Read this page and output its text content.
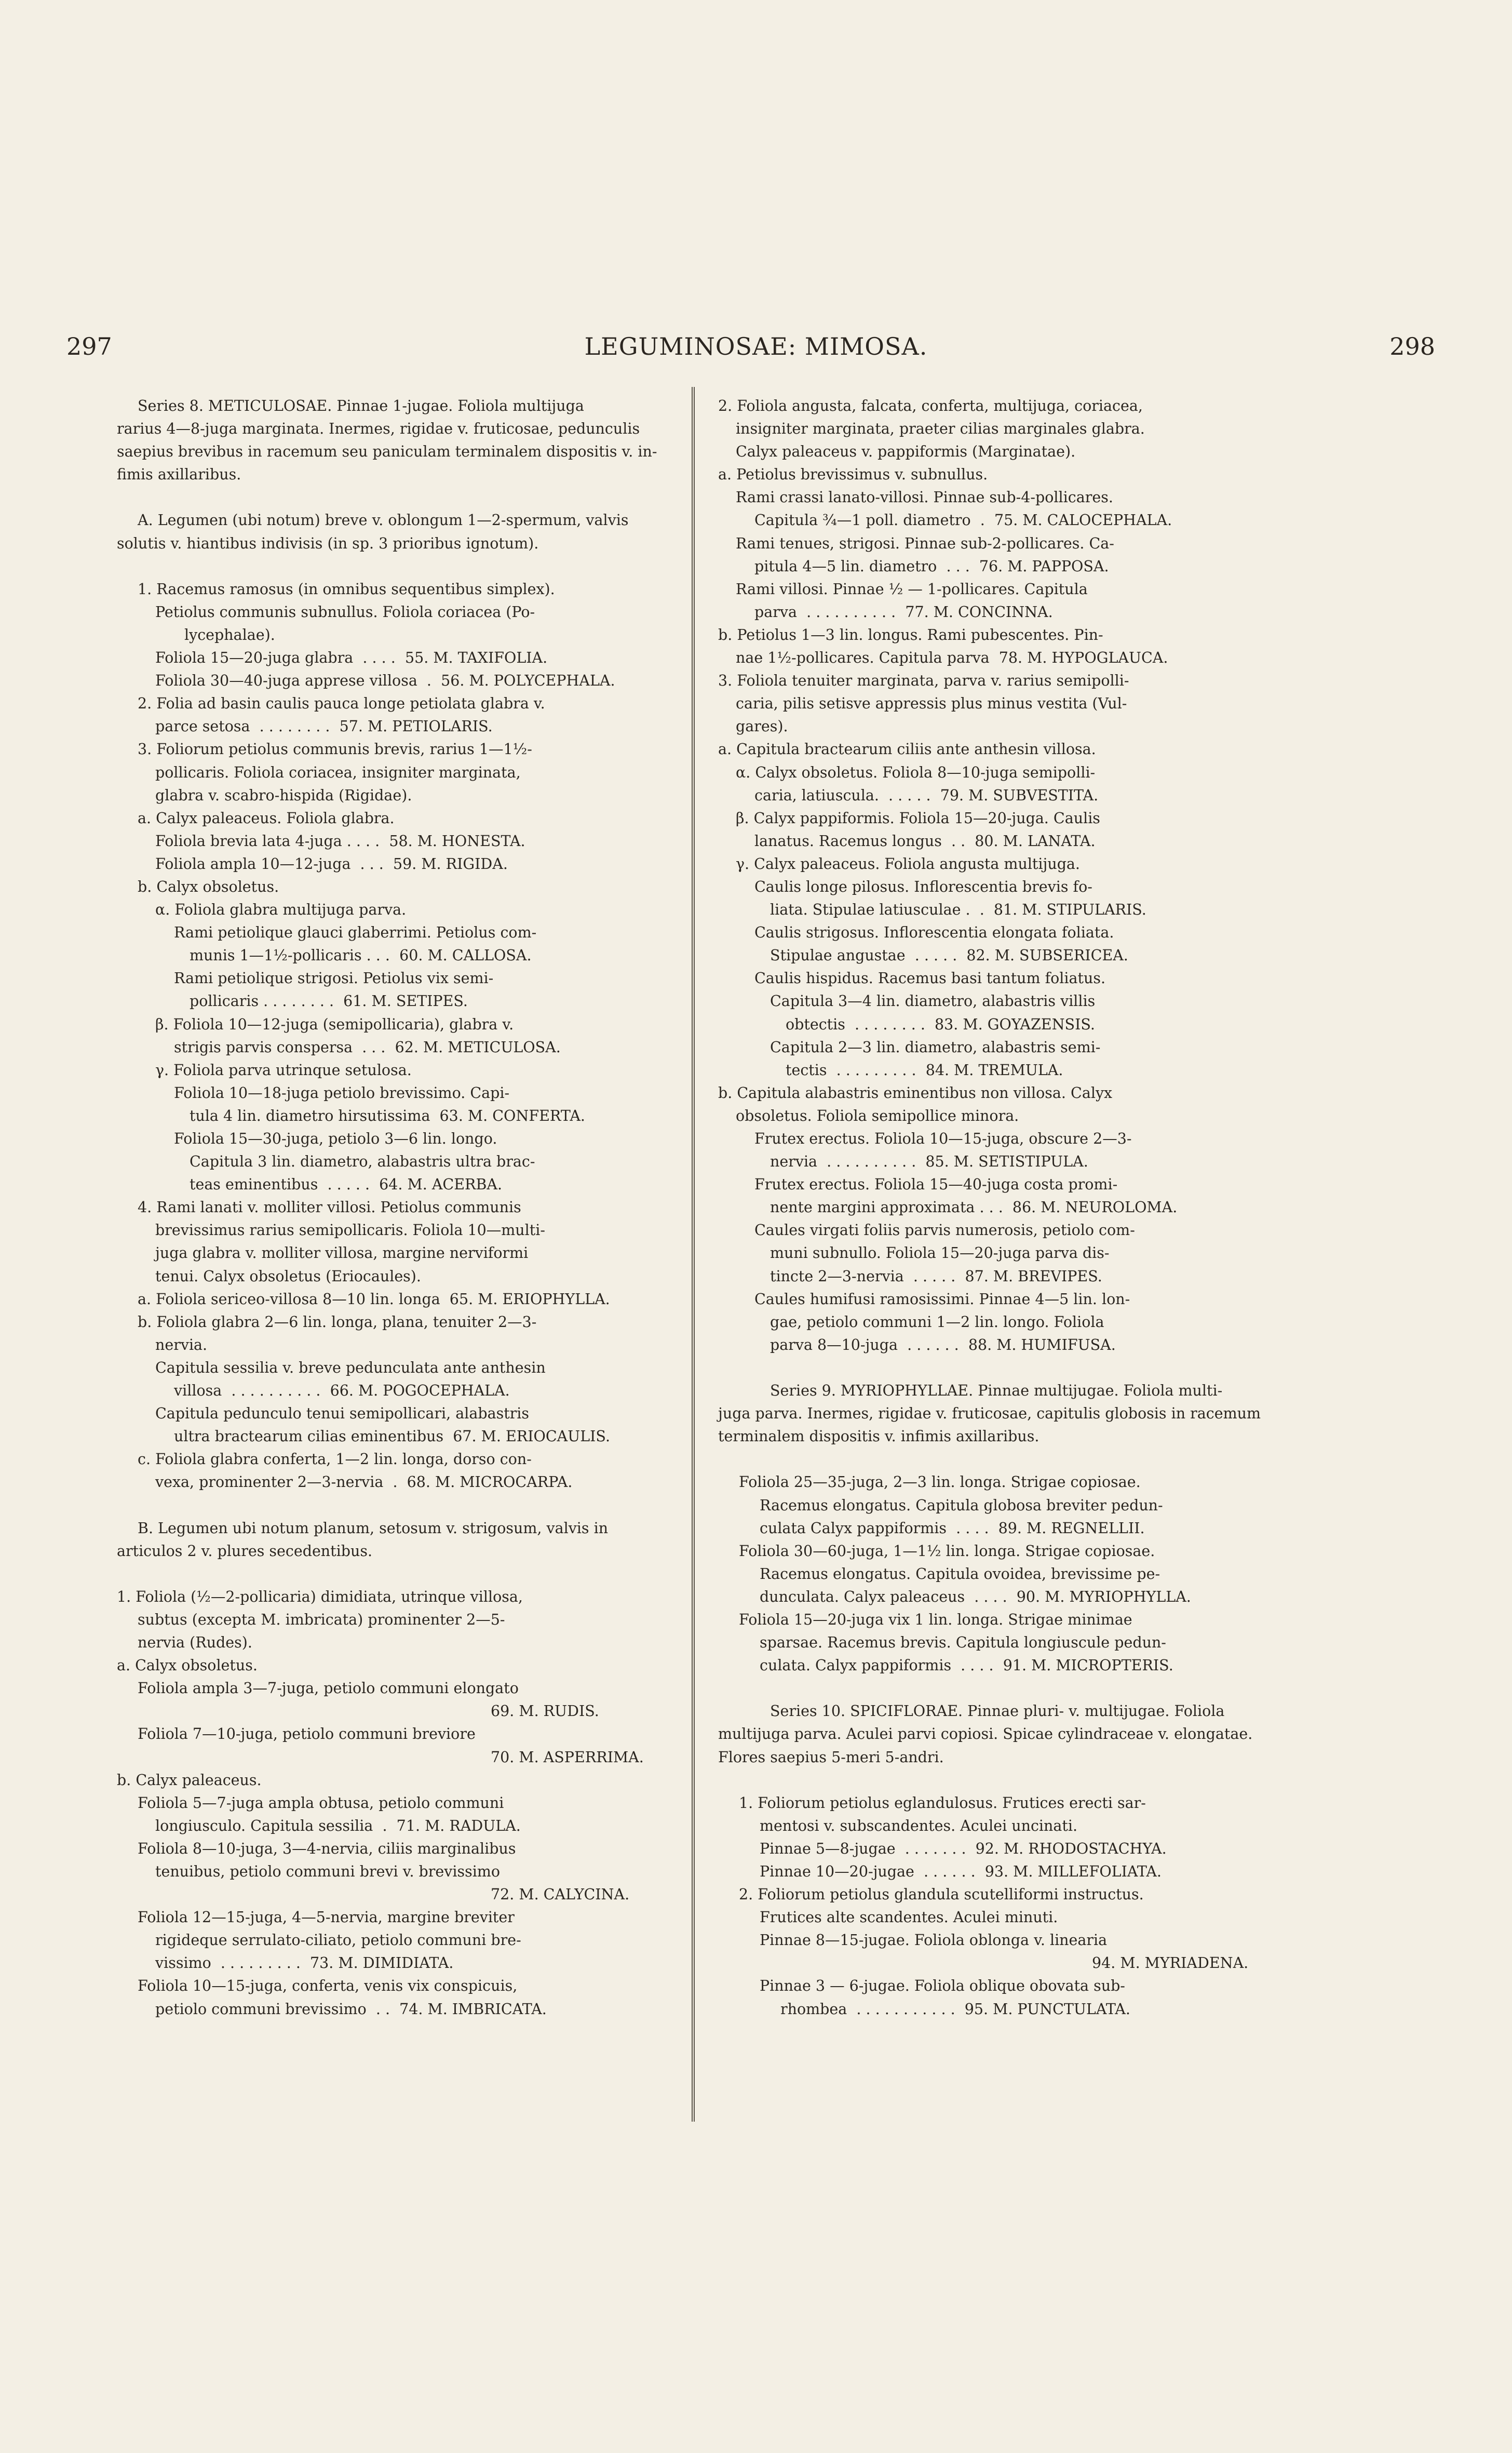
297	LEGUMINOSAE: MIMOSA.	298
Series 8. METICULOSAE. Pinnae 1-jugae. Foliola multijuga
rarius 4—8-juga marginata. Inermes, rigidae v. fruticosae, pedunculis
saepius brevibus in racemum seu paniculam terminalem dispositis v. in-
fimis axillaribus.
A. Legumen (ubi notum) breve v. oblongum 1—2-spermum, valvis
solutis v. hiantibus indivisis (in sp. 3 prioribus ignotum).
1. Racemus ramosus (in omnibus sequentibus simplex).
Petiolus communis subnullus. Foliola coriacea (Po-
lycephalae).
Foliola 15—20-juga glabra  . . . .  55. M. TAXIFOLIA.
Foliola 30—40-juga apprese villosa  .  56. M. POLYCEPHALA.
2. Folia ad basin caulis pauca longe petiolata glabra v.
parce setosa  . . . . . . . .  57. M. PETIOLARIS.
3. Foliorum petiolus communis brevis, rarius 1—1½-
pollicaris. Foliola coriacea, insigniter marginata,
glabra v. scabro-hispida (Rigidae).
a. Calyx paleaceus. Foliola glabra.
Foliola brevia lata 4-juga . . . .  58. M. HONESTA.
Foliola ampla 10—12-juga  . . .  59. M. RIGIDA.
b. Calyx obsoletus.
α. Foliola glabra multijuga parva.
Rami petiolique glauci glaberrimi. Petiolus com-
munis 1—1½-pollicaris . . .  60. M. CALLOSA.
Rami petiolique strigosi. Petiolus vix semi-
pollicaris . . . . . . . .  61. M. SETIPES.
β. Foliola 10—12-juga (semipollicaria), glabra v.
strigis parvis conspersa  . . .  62. M. METICULOSA.
γ. Foliola parva utrinque setulosa.
Foliola 10—18-juga petiolo brevissimo. Capi-
tula 4 lin. diametro hirsutissima  63. M. CONFERTA.
Foliola 15—30-juga, petiolo 3—6 lin. longo.
Capitula 3 lin. diametro, alabastris ultra brac-
teas eminentibus  . . . . .  64. M. ACERBA.
4. Rami lanati v. molliter villosi. Petiolus communis
brevissimus rarius semipollicaris. Foliola 10—multi-
juga glabra v. molliter villosa, margine nerviformi
tenui. Calyx obsoletus (Eriocaules).
a. Foliola sericeo-villosa 8—10 lin. longa  65. M. ERIOPHYLLA.
b. Foliola glabra 2—6 lin. longa, plana, tenuiter 2—3-
nervia.
Capitula sessilia v. breve pedunculata ante anthesin
villosa  . . . . . . . . . .  66. M. POGOCEPHALA.
Capitula pedunculo tenui semipollicari, alabastris
ultra bractearum cilias eminentibus  67. M. ERIOCAULIS.
c. Foliola glabra conferta, 1—2 lin. longa, dorso con-
vexa, prominenter 2—3-nervia  .  68. M. MICROCARPA.
B. Legumen ubi notum planum, setosum v. strigosum, valvis in
articulos 2 v. plures secedentibus.
1. Foliola (½—2-pollicaria) dimidiata, utrinque villosa,
subtus (excepta M. imbricata) prominenter 2—5-
nervia (Rudes).
a. Calyx obsoletus.
Foliola ampla 3—7-juga, petiolo communi elongato
69. M. RUDIS.
Foliola 7—10-juga, petiolo communi breviore
70. M. ASPERRIMA.
b. Calyx paleaceus.
Foliola 5—7-juga ampla obtusa, petiolo communi
longiusculo. Capitula sessilia  .  71. M. RADULA.
Foliola 8—10-juga, 3—4-nervia, ciliis marginalibus
tenuibus, petiolo communi brevi v. brevissimo
72. M. CALYCINA.
Foliola 12—15-juga, 4—5-nervia, margine breviter
rigideque serrulato-ciliato, petiolo communi bre-
vissimo  . . . . . . . . .  73. M. DIMIDIATA.
Foliola 10—15-juga, conferta, venis vix conspicuis,
petiolo communi brevissimo  . .  74. M. IMBRICATA.
2. Foliola angusta, falcata, conferta, multijuga, coriacea,
insigniter marginata, praeter cilias marginales glabra.
Calyx paleaceus v. pappiformis (Marginatae).
a. Petiolus brevissimus v. subnullus.
Rami crassi lanato-villosi. Pinnae sub-4-pollicares.
Capitula ¾—1 poll. diametro  .  75. M. CALOCEPHALA.
Rami tenues, strigosi. Pinnae sub-2-pollicares. Ca-
pitula 4—5 lin. diametro  . . .  76. M. PAPPOSA.
Rami villosi. Pinnae ½ — 1-pollicares. Capitula
parva  . . . . . . . . . .  77. M. CONCINNA.
b. Petiolus 1—3 lin. longus. Rami pubescentes. Pin-
nae 1½-pollicares. Capitula parva  78. M. HYPOGLAUCA.
3. Foliola tenuiter marginata, parva v. rarius semipolli-
caria, pilis setisve appressis plus minus vestita (Vul-
gares).
a. Capitula bractearum ciliis ante anthesin villosa.
α. Calyx obsoletus. Foliola 8—10-juga semipolli-
caria, latiuscula.  . . . . .  79. M. SUBVESTITA.
β. Calyx pappiformis. Foliola 15—20-juga. Caulis
lanatus. Racemus longus  . .  80. M. LANATA.
γ. Calyx paleaceus. Foliola angusta multijuga.
Caulis longe pilosus. Inflorescentia brevis fo-
liata. Stipulae latiusculae .  .  81. M. STIPULARIS.
Caulis strigosus. Inflorescentia elongata foliata.
Stipulae angustae  . . . . .  82. M. SUBSERICEA.
Caulis hispidus. Racemus basi tantum foliatus.
Capitula 3—4 lin. diametro, alabastris villis
obtectis  . . . . . . . .  83. M. GOYAZENSIS.
Capitula 2—3 lin. diametro, alabastris semi-
tectis  . . . . . . . . .  84. M. TREMULA.
b. Capitula alabastris eminentibus non villosa. Calyx
obsoletus. Foliola semipollice minora.
Frutex erectus. Foliola 10—15-juga, obscure 2—3-
nervia  . . . . . . . . . .  85. M. SETISTIPULA.
Frutex erectus. Foliola 15—40-juga costa promi-
nente margini approximata . . .  86. M. NEUROLOMA.
Caules virgati foliis parvis numerosis, petiolo com-
muni subnullo. Foliola 15—20-juga parva dis-
tincte 2—3-nervia  . . . . .  87. M. BREVIPES.
Caules humifusi ramosissimi. Pinnae 4—5 lin. lon-
gae, petiolo communi 1—2 lin. longo. Foliola
parva 8—10-juga  . . . . . .  88. M. HUMIFUSA.
Series 9. MYRIOPHYLLAE. Pinnae multijugae. Foliola multi-
juga parva. Inermes, rigidae v. fruticosae, capitulis globosis in racemum
terminalem dispositis v. infimis axillaribus.
Foliola 25—35-juga, 2—3 lin. longa. Strigae copiosae.
Racemus elongatus. Capitula globosa breviter pedun-
culata Calyx pappiformis  . . . .  89. M. REGNELLII.
Foliola 30—60-juga, 1—1½ lin. longa. Strigae copiosae.
Racemus elongatus. Capitula ovoidea, brevissime pe-
dunculata. Calyx paleaceus  . . . .  90. M. MYRIOPHYLLA.
Foliola 15—20-juga vix 1 lin. longa. Strigae minimae
sparsae. Racemus brevis. Capitula longiuscule pedun-
culata. Calyx pappiformis  . . . .  91. M. MICROPTERIS.
Series 10. SPICIFLORAE. Pinnae pluri- v. multijugae. Foliola
multijuga parva. Aculei parvi copiosi. Spicae cylindraceae v. elongatae.
Flores saepius 5-meri 5-andri.
1. Foliorum petiolus eglandulosus. Frutices erecti sar-
mentosi v. subscandentes. Aculei uncinati.
Pinnae 5—8-jugae  . . . . . . .  92. M. RHODOSTACHYA.
Pinnae 10—20-jugae  . . . . . .  93. M. MILLEFOLIATA.
2. Foliorum petiolus glandula scutelliformi instructus.
Frutices alte scandentes. Aculei minuti.
Pinnae 8—15-jugae. Foliola oblonga v. linearia
94. M. MYRIADENA.
Pinnae 3 — 6-jugae. Foliola oblique obovata sub-
rhombea  . . . . . . . . . . .  95. M. PUNCTULATA.
